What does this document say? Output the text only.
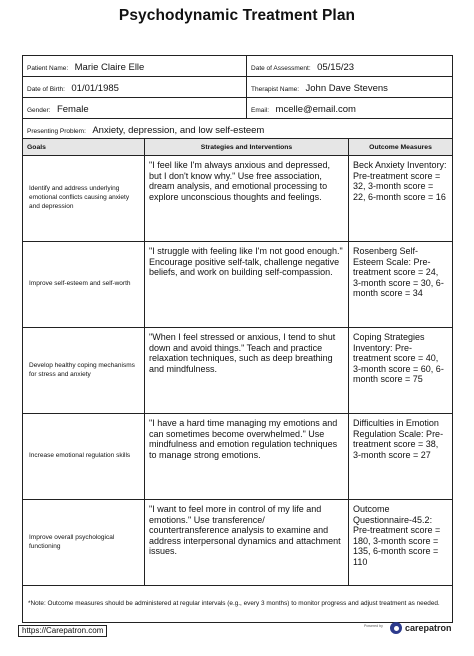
Psychodynamic Treatment Plan
Patient Name: Marie Claire Elle		Date of Assessment: 05/15/23	
Date of Birth: 01/01/1985		Therapist Name: John Dave Stevens	
Gender: Female		Email: mcelle@email.com	
Presenting Problem: Anxiety, depression, and low self-esteem			
Goals	Strategies and Interventions		Outcome Measures
Identify and address underlying emotional conflicts causing anxiety and depression	"I feel like I'm always anxious and depressed, but I don't know why." Use free association, dream analysis, and emotional processing to explore unconscious thoughts and feelings.		Beck Anxiety Inventory: Pre-treatment score = 32, 3-month score = 22, 6-month score = 16
Improve self-esteem and self-worth	"I struggle with feeling like I'm not good enough." Encourage positive self-talk, challenge negative beliefs, and work on building self-compassion.		Rosenberg Self-Esteem Scale: Pre-treatment score = 24, 3-month score = 30, 6-month score = 34
Develop healthy coping mechanisms for stress and anxiety	"When I feel stressed or anxious, I tend to shut down and avoid things." Teach and practice relaxation techniques, such as deep breathing and mindfulness.		Coping Strategies Inventory: Pre-treatment score = 40, 3-month score = 60, 6-month score = 75
Increase emotional regulation skills	"I have a hard time managing my emotions and can sometimes become overwhelmed." Use mindfulness and emotion regulation techniques to manage strong emotions.		Difficulties in Emotion Regulation Scale: Pre-treatment score = 38, 3-month score = 27
Improve overall psychological functioning	"I want to feel more in control of my life and emotions." Use transference/ countertransference analysis to examine and address interpersonal dynamics and attachment issues.		Outcome Questionnaire-45.2: Pre-treatment score = 180, 3-month score = 135, 6-month score = 110
*Note: Outcome measures should be administered at regular intervals (e.g., every 3 months) to monitor progress and adjust treatment as needed.			
https://Carepatron.com	Powered by carepatron
